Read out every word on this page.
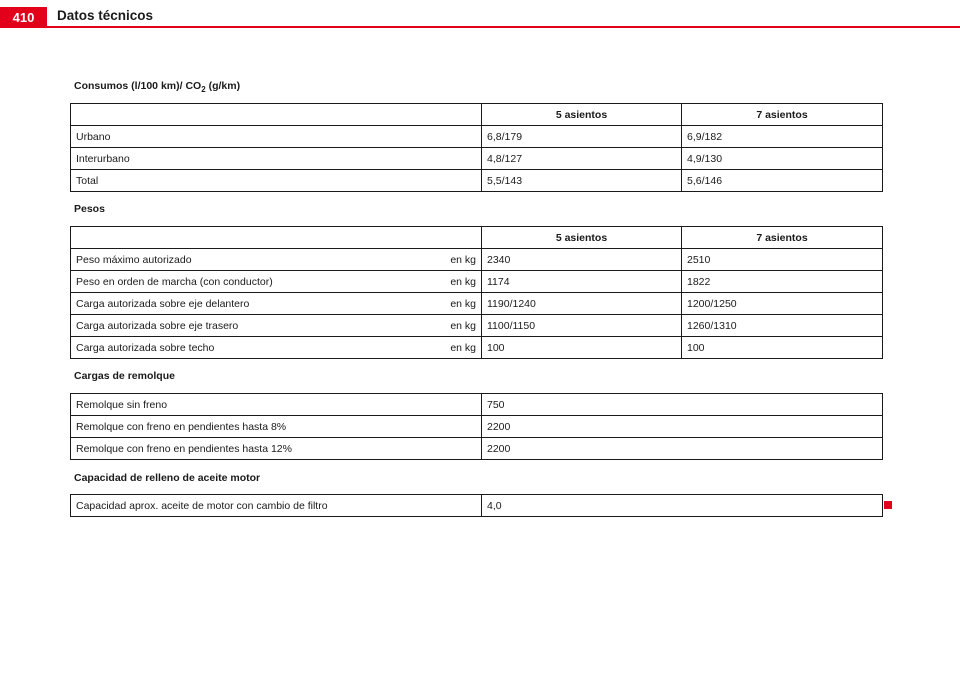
410	Datos técnicos
Consumos (l/100 km)/ $CO_2$ (g/km)
	5 asientos	7 asientos
Urbano	6,8/179	6,9/182
Interurbano	4,8/127	4,9/130
Total	5,5/143	5,6/146
Pesos
	5 asientos	7 asientos
Peso máximo autorizado en kg	2340	2510
Peso en orden de marcha (con conductor) en kg	1174	1822
Carga autorizada sobre eje delantero en kg	1190/1240	1200/1250
Carga autorizada sobre eje trasero en kg	1100/1150	1260/1310
Carga autorizada sobre techo en kg	100	100
Cargas de remolque
Remolque sin freno	750
Remolque con freno en pendientes hasta 8%	2200
Remolque con freno en pendientes hasta 12%	2200
Capacidad de relleno de aceite motor
Capacidad aprox. aceite de motor con cambio de filtro	4,0
